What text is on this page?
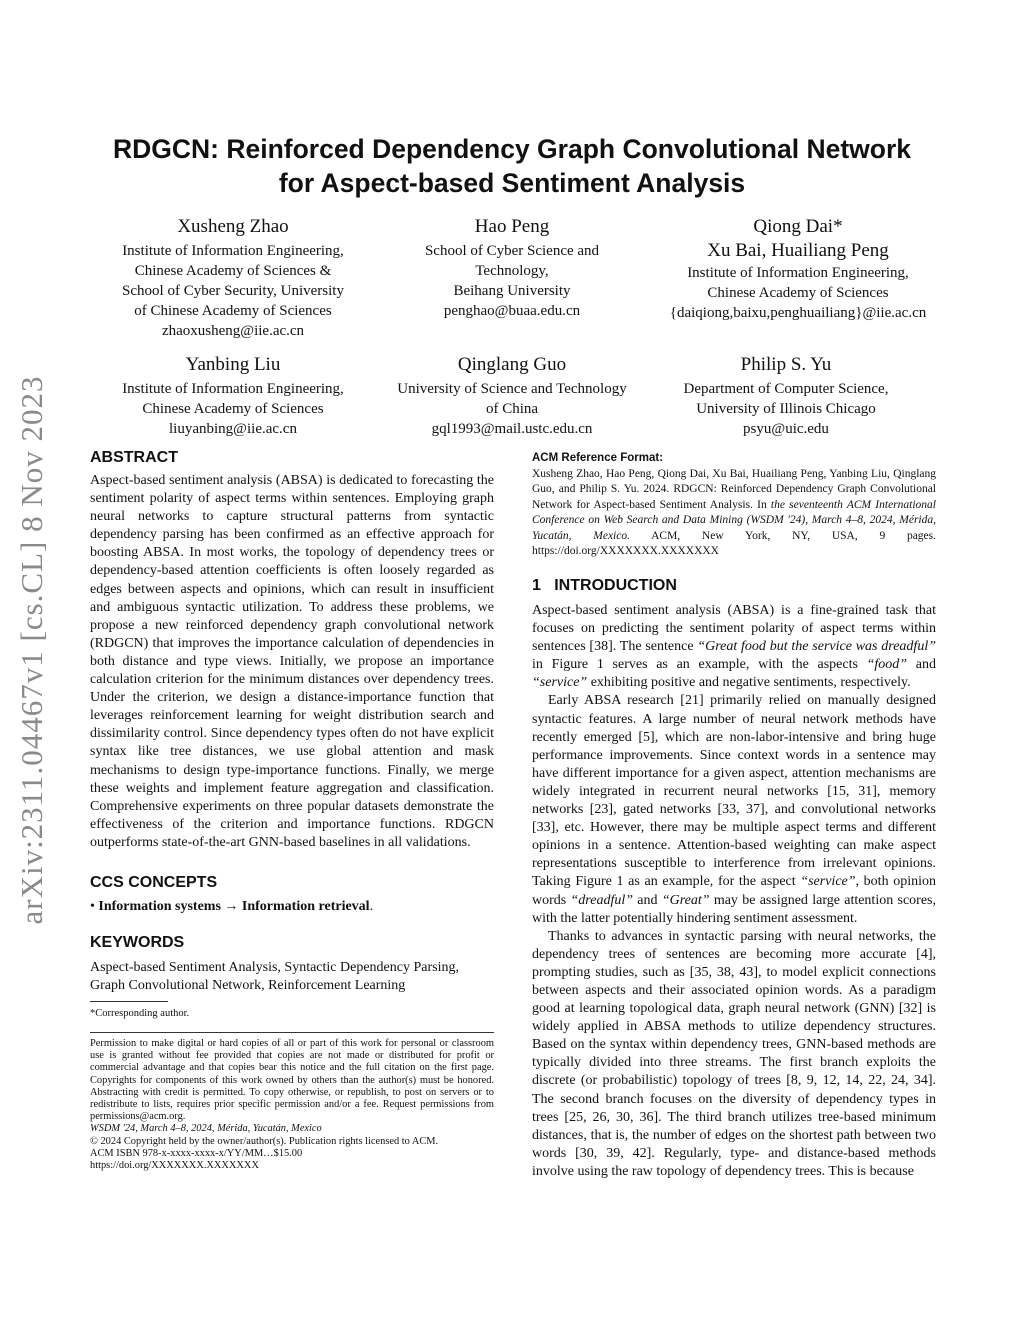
arXiv:2311.04467v1 [cs.CL] 8 Nov 2023
RDGCN: Reinforced Dependency Graph Convolutional Network
for Aspect-based Sentiment Analysis
Xusheng Zhao
Institute of Information Engineering,
Chinese Academy of Sciences &
School of Cyber Security, University
of Chinese Academy of Sciences
zhaoxusheng@iie.ac.cn
Hao Peng
School of Cyber Science and
Technology,
Beihang University
penghao@buaa.edu.cn
Qiong Dai*
Xu Bai, Huailiang Peng
Institute of Information Engineering,
Chinese Academy of Sciences
{daiqiong,baixu,penghuailiang}@iie.ac.cn
Yanbing Liu
Institute of Information Engineering,
Chinese Academy of Sciences
liuyanbing@iie.ac.cn
Qinglang Guo
University of Science and Technology
of China
gql1993@mail.ustc.edu.cn
Philip S. Yu
Department of Computer Science,
University of Illinois Chicago
psyu@uic.edu
ABSTRACT

Aspect-based sentiment analysis (ABSA) is dedicated to forecasting the sentiment polarity of aspect terms within sentences. Employing graph neural networks to capture structural patterns from syntactic dependency parsing has been confirmed as an effective approach for boosting ABSA. In most works, the topology of dependency trees or dependency-based attention coefficients is often loosely regarded as edges between aspects and opinions, which can result in insufficient and ambiguous syntactic utilization. To address these problems, we propose a new reinforced dependency graph convolutional network (RDGCN) that improves the importance calculation of dependencies in both distance and type views. Initially, we propose an importance calculation criterion for the minimum distances over dependency trees. Under the criterion, we design a distance-importance function that leverages reinforcement learning for weight distribution search and dissimilarity control. Since dependency types often do not have explicit syntax like tree distances, we use global attention and mask mechanisms to design type-importance functions. Finally, we merge these weights and implement feature aggregation and classification. Comprehensive experiments on three popular datasets demonstrate the effectiveness of the criterion and importance functions. RDGCN outperforms state-of-the-art GNN-based baselines in all validations.

CCS CONCEPTS

• Information systems → Information retrieval.

KEYWORDS

Aspect-based Sentiment Analysis, Syntactic Dependency Parsing, Graph Convolutional Network, Reinforcement Learning

*Corresponding author.
Permission to make digital or hard copies of all or part of this work for personal or classroom use is granted without fee provided that copies are not made or distributed for profit or commercial advantage and that copies bear this notice and the full citation on the first page. Copyrights for components of this work owned by others than the author(s) must be honored. Abstracting with credit is permitted. To copy otherwise, or republish, to post on servers or to redistribute to lists, requires prior specific permission and/or a fee. Request permissions from permissions@acm.org.
WSDM '24, March 4–8, 2024, Mérida, Yucatán, Mexico
© 2024 Copyright held by the owner/author(s). Publication rights licensed to ACM.
ACM ISBN 978-x-xxxx-xxxx-x/YY/MM…$15.00
https://doi.org/XXXXXXX.XXXXXXX
ACM Reference Format:
Xusheng Zhao, Hao Peng, Qiong Dai, Xu Bai, Huailiang Peng, Yanbing Liu, Qinglang Guo, and Philip S. Yu. 2024. RDGCN: Reinforced Dependency Graph Convolutional Network for Aspect-based Sentiment Analysis. In the seventeenth ACM International Conference on Web Search and Data Mining (WSDM '24), March 4–8, 2024, Mérida, Yucatán, Mexico. ACM, New York, NY, USA, 9 pages. https://doi.org/XXXXXXX.XXXXXXX
1   INTRODUCTION

Aspect-based sentiment analysis (ABSA) is a fine-grained task that focuses on predicting the sentiment polarity of aspect terms within sentences [38]. The sentence “Great food but the service was dreadful” in Figure 1 serves as an example, with the aspects “food” and “service” exhibiting positive and negative sentiments, respectively.

Early ABSA research [21] primarily relied on manually designed syntactic features. A large number of neural network methods have recently emerged [5], which are non-labor-intensive and bring huge performance improvements. Since context words in a sentence may have different importance for a given aspect, attention mechanisms are widely integrated in recurrent neural networks [15, 31], memory networks [23], gated networks [33, 37], and convolutional networks [33], etc. However, there may be multiple aspect terms and different opinions in a sentence. Attention-based weighting can make aspect representations susceptible to interference from irrelevant opinions. Taking Figure 1 as an example, for the aspect “service”, both opinion words “dreadful” and “Great” may be assigned large attention scores, with the latter potentially hindering sentiment assessment.

Thanks to advances in syntactic parsing with neural networks, the dependency trees of sentences are becoming more accurate [4], prompting studies, such as [35, 38, 43], to model explicit connections between aspects and their associated opinion words. As a paradigm good at learning topological data, graph neural network (GNN) [32] is widely applied in ABSA methods to utilize dependency structures. Based on the syntax within dependency trees, GNN-based methods are typically divided into three streams. The first branch exploits the discrete (or probabilistic) topology of trees [8, 9, 12, 14, 22, 24, 34]. The second branch focuses on the diversity of dependency types in trees [25, 26, 30, 36]. The third branch utilizes tree-based minimum distances, that is, the number of edges on the shortest path between two words [30, 39, 42]. Regularly, type- and distance-based methods involve using the raw topology of dependency trees. This is because
